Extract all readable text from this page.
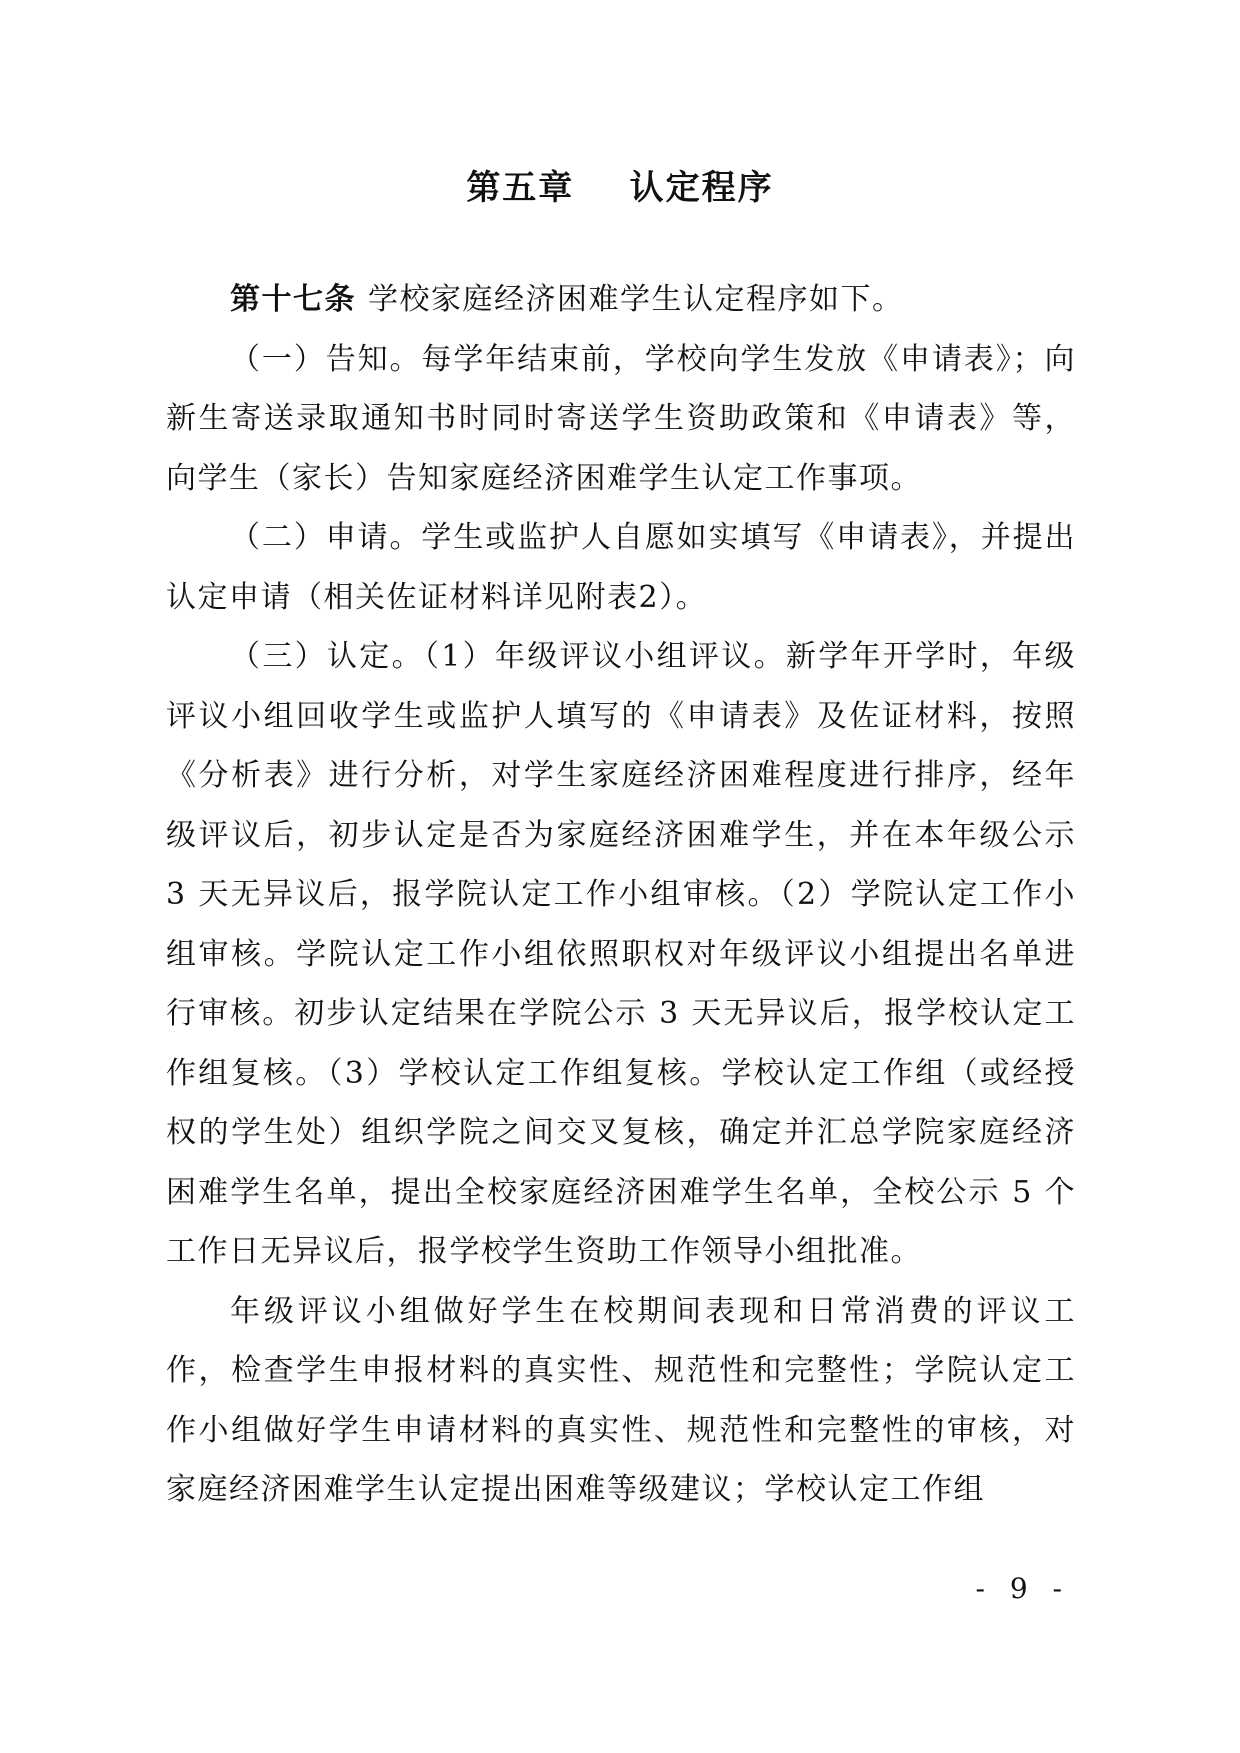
第五章    认定程序

第十七条 学校家庭经济困难学生认定程序如下。

（一）告知。每学年结束前，学校向学生发放《申请表》；向新生寄送录取通知书时同时寄送学生资助政策和《申请表》等，向学生（家长）告知家庭经济困难学生认定工作事项。

（二）申请。学生或监护人自愿如实填写《申请表》，并提出认定申请（相关佐证材料详见附表2）。

（三）认定。（1）年级评议小组评议。新学年开学时，年级评议小组回收学生或监护人填写的《申请表》及佐证材料，按照《分析表》进行分析，对学生家庭经济困难程度进行排序，经年级评议后，初步认定是否为家庭经济困难学生，并在本年级公示 3 天无异议后，报学院认定工作小组审核。（2）学院认定工作小组审核。学院认定工作小组依照职权对年级评议小组提出名单进行审核。初步认定结果在学院公示 3 天无异议后，报学校认定工作组复核。（3）学校认定工作组复核。学校认定工作组（或经授权的学生处）组织学院之间交叉复核，确定并汇总学院家庭经济困难学生名单，提出全校家庭经济困难学生名单，全校公示 5 个工作日无异议后，报学校学生资助工作领导小组批准。

年级评议小组做好学生在校期间表现和日常消费的评议工作，检查学生申报材料的真实性、规范性和完整性；学院认定工作小组做好学生申请材料的真实性、规范性和完整性的审核，对家庭经济困难学生认定提出困难等级建议；学校认定工作组

- 9 -
